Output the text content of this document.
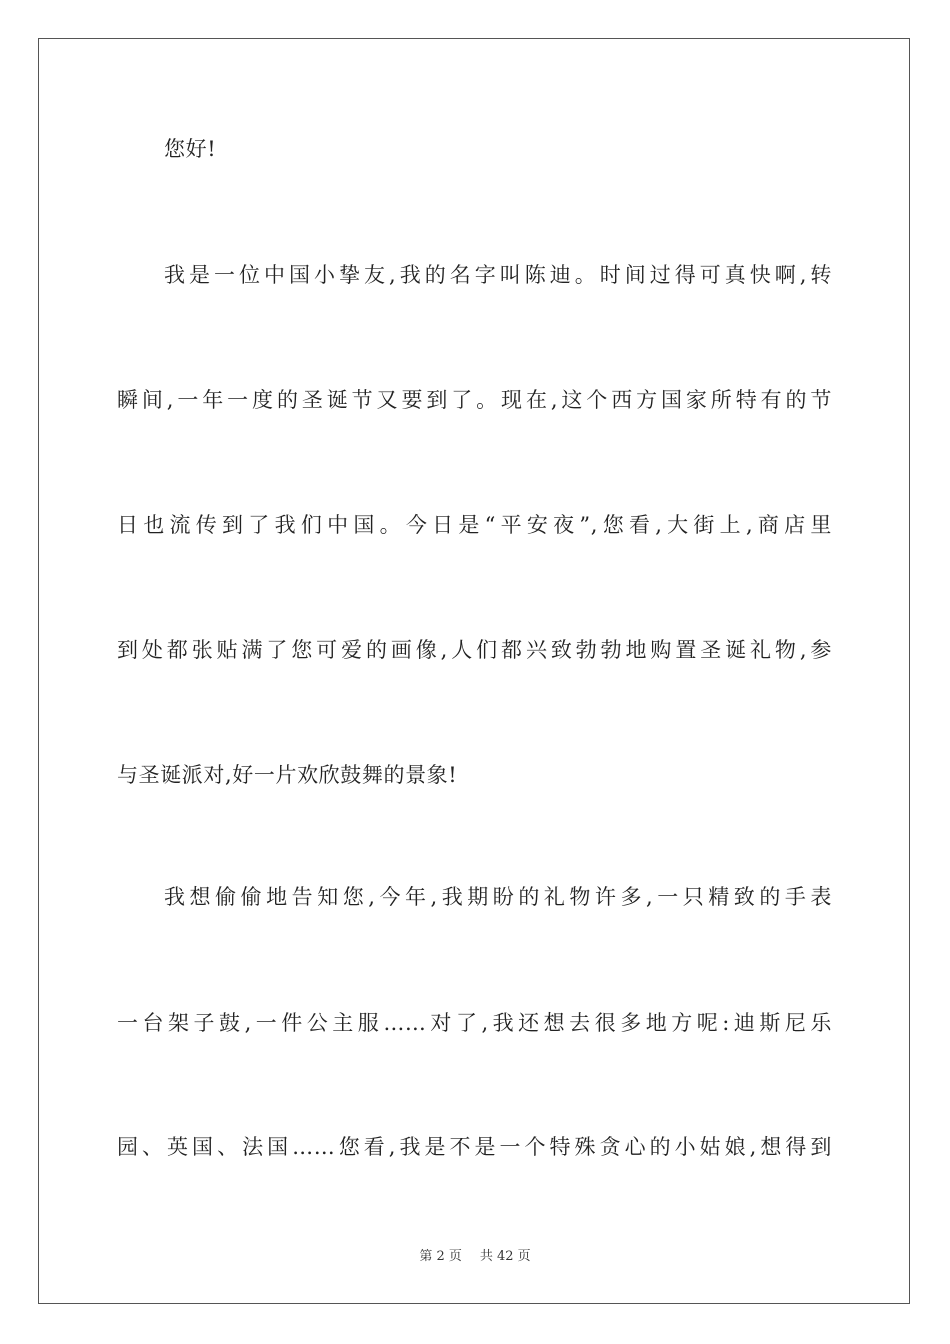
您好!
我是一位中国小挚友,我的名字叫陈迪。时间过得可真快啊,转
瞬间,一年一度的圣诞节又要到了。现在,这个西方国家所特有的节
日也流传到了我们中国。今日是“平安夜”,您看,大街上,商店里
到处都张贴满了您可爱的画像,人们都兴致勃勃地购置圣诞礼物,参
与圣诞派对,好一片欢欣鼓舞的景象!
我想偷偷地告知您,今年,我期盼的礼物许多,一只精致的手表
一台架子鼓,一件公主服……对了,我还想去很多地方呢:迪斯尼乐
园、英国、法国……您看,我是不是一个特殊贪心的小姑娘,想得到
第 2 页 共 42 页
